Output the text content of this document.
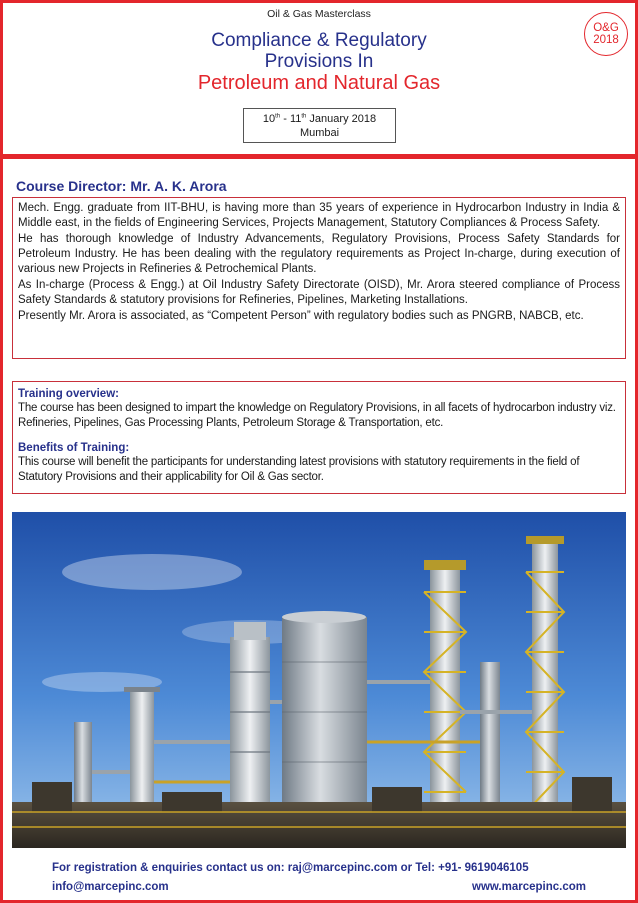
Oil & Gas Masterclass
Compliance & Regulatory
Provisions In
Petroleum and Natural Gas
O&G
2018
10th - 11th January 2018
Mumbai
Course Director: Mr. A. K. Arora

Mech. Engg. graduate from IIT-BHU, is having more than 35 years of experience in Hydrocarbon Industry in India & Middle east, in the fields of Engineering Services, Projects Management, Statutory Compliances & Process Safety.

He has thorough knowledge of Industry Advancements, Regulatory Provisions, Process Safety Standards for Petroleum Industry. He has been dealing with the regulatory requirements as Project In-charge, during execution of various new Projects in Refineries & Petrochemical Plants.

As In-charge (Process & Engg.) at Oil Industry Safety Directorate (OISD), Mr. Arora steered compliance of Process Safety Standards & statutory provisions for Refineries, Pipelines, Marketing Installations.

Presently Mr. Arora is associated, as “Competent Person” with regulatory bodies such as PNGRB, NABCB, etc.

Training overview:

The course has been designed to impart the knowledge on Regulatory Provisions, in all facets of hydrocarbon industry viz. Refineries, Pipelines, Gas Processing Plants, Petroleum Storage & Transportation, etc.

Benefits of Training:

This course will benefit the participants for understanding latest provisions with statutory requirements in the field of Statutory Provisions and their applicability for Oil & Gas sector.

For registration & enquiries contact us on: raj@marcepinc.com or Tel: +91- 9619046105
info@marcepinc.com	www.marcepinc.com
